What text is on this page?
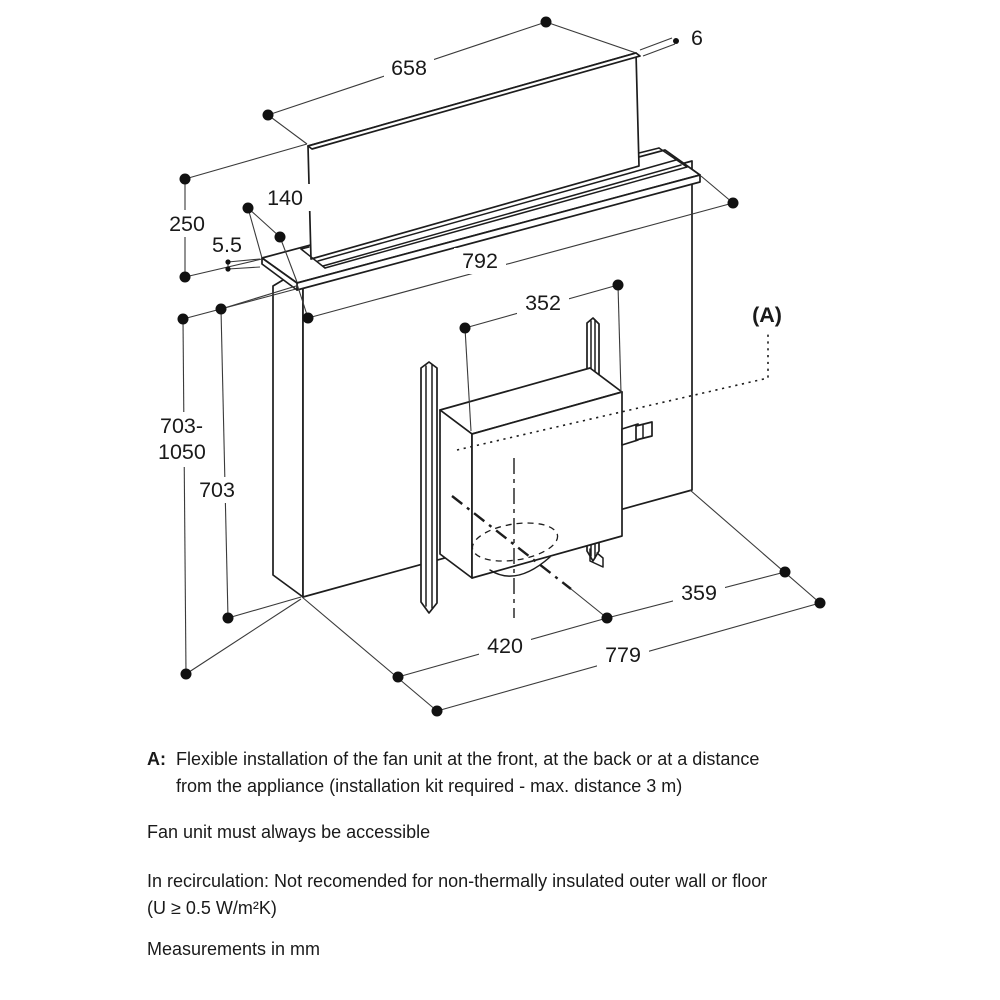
(A)
658
6
250
140
5.5
792
352
703-
1050
703
420
359
779

A: Flexible installation of the fan unit at the front, at the back or at a distance
from the appliance (installation kit required - max. distance 3 m)

Fan unit must always be accessible

In recirculation: Not recomended for non-thermally insulated outer wall or floor
(U ≥ 0.5 W/m²K)

Measurements in mm
